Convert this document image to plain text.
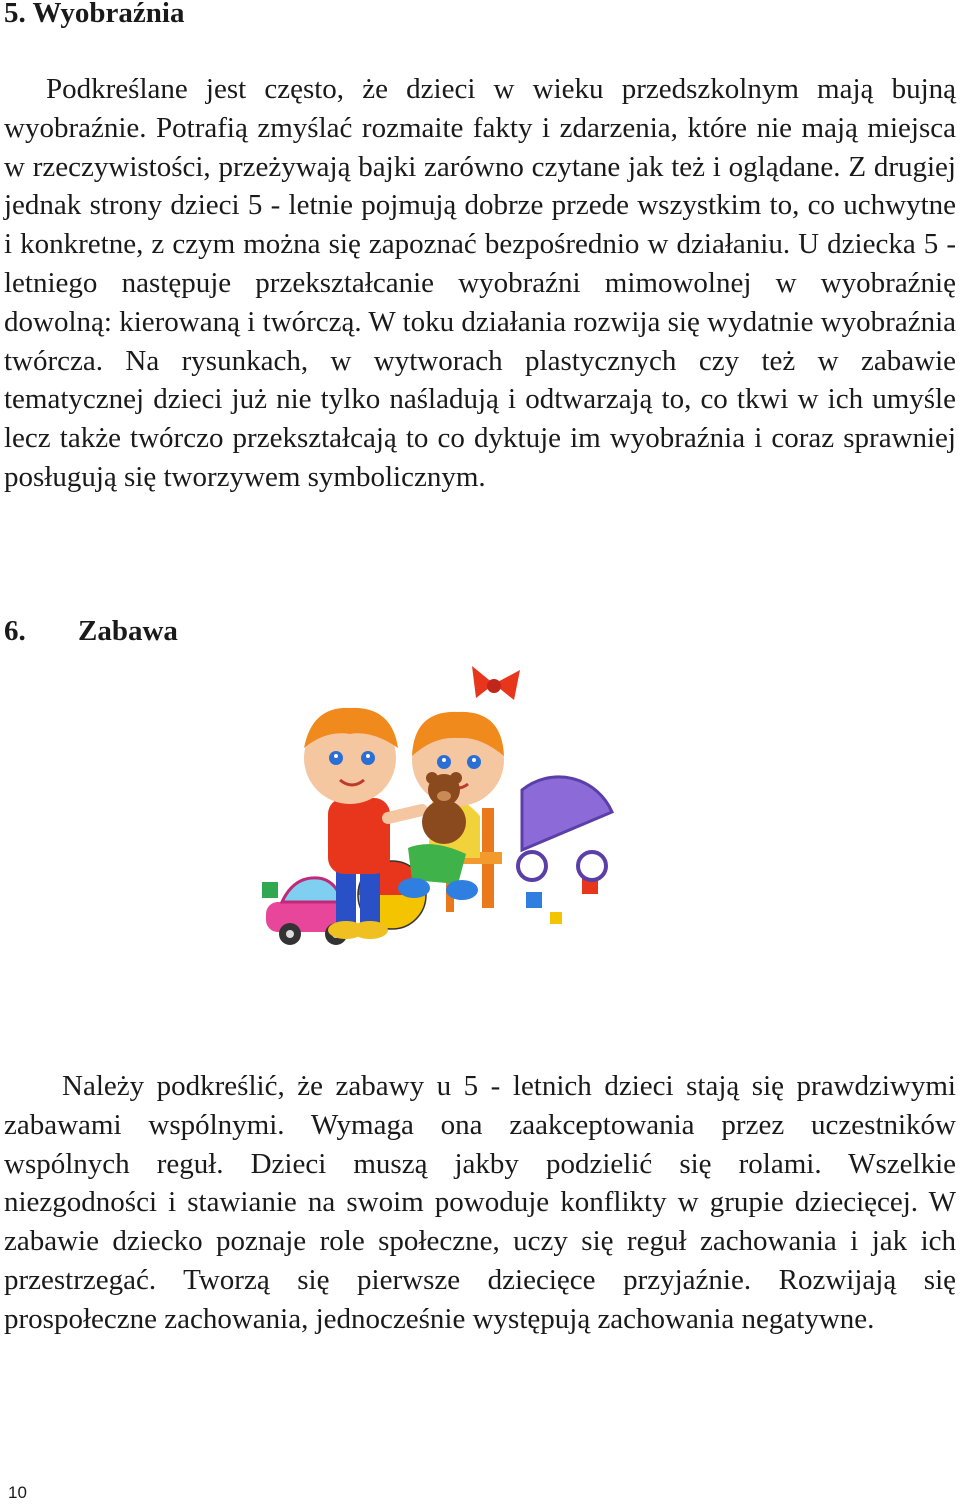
5. Wyobraźnia

Podkreślane jest często, że dzieci w wieku przedszkolnym mają bujną wyobraźnie. Potrafią zmyślać rozmaite fakty i zdarzenia, które nie mają miejsca w rzeczywistości, przeżywają bajki zarówno czytane jak też i oglądane. Z drugiej jednak strony dzieci 5 - letnie pojmują dobrze przede wszystkim to, co uchwytne i konkretne, z czym można się zapoznać bezpośrednio w działaniu. U dziecka 5 - letniego następuje przekształcanie wyobraźni mimowolnej w wyobraźnię dowolną: kierowaną i twórczą. W toku działania rozwija się wydatnie wyobraźnia twórcza. Na rysunkach, w wytworach plastycznych czy też w zabawie tematycznej dzieci już nie tylko naśladują i odtwarzają to, co tkwi w ich umyśle lecz także twórczo przekształcają to co dyktuje im wyobraźnia i coraz sprawniej posługują się tworzywem symbolicznym.

6. Zabawa

Należy podkreślić, że zabawy u 5 - letnich dzieci stają się prawdziwymi zabawami wspólnymi. Wymaga ona zaakceptowania przez uczestników wspólnych reguł. Dzieci muszą jakby podzielić się rolami. Wszelkie niezgodności i stawianie na swoim powoduje konflikty w grupie dziecięcej. W zabawie dziecko poznaje role społeczne, uczy się reguł zachowania i jak ich przestrzegać. Tworzą się pierwsze dziecięce przyjaźnie. Rozwijają się prospołeczne zachowania, jednocześnie występują zachowania negatywne.

10
